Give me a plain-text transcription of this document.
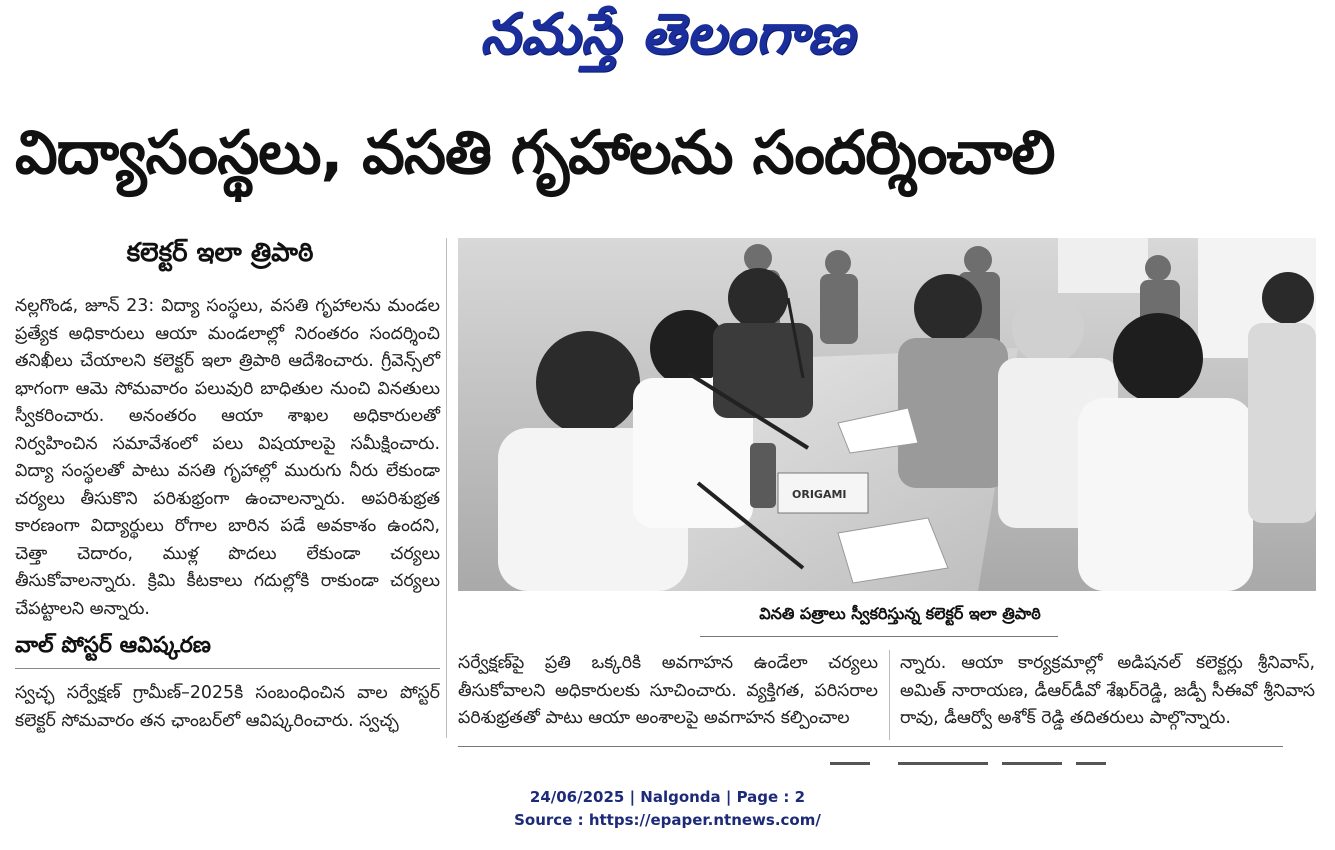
నమస్తే తెలంగాణ
విద్యాసంస్థలు, వసతి గృహాలను సందర్శించాలి
కలెక్టర్ ఇలా త్రిపాఠి

నల్లగొండ, జూన్ 23: విద్యా సంస్థలు, వసతి గృహాలను మండల ప్రత్యేక అధికారులు ఆయా మండలాల్లో నిరంతరం సందర్శించి తనిఖీలు చేయాలని కలెక్టర్ ఇలా త్రిపాఠి ఆదేశించారు. గ్రీవెన్స్‌లో భాగంగా ఆమె సోమవారం పలువురి బాధితుల నుంచి వినతులు స్వీకరించారు. అనంతరం ఆయా శాఖల అధికారులతో నిర్వహించిన సమావేశంలో పలు విషయాలపై సమీక్షించారు. విద్యా సంస్థలతో పాటు వసతి గృహాల్లో మురుగు నీరు లేకుండా చర్యలు తీసుకొని పరిశుభ్రంగా ఉంచాలన్నారు. అపరిశుభ్రత కారణంగా విద్యార్థులు రోగాల బారిన పడే అవకాశం ఉందని, చెత్తా చెదారం, ముళ్ల పొదలు లేకుండా చర్యలు తీసుకోవాలన్నారు. క్రిమి కీటకాలు గదుల్లోకి రాకుండా చర్యలు చేపట్టాలని అన్నారు.

వాల్ పోస్టర్ ఆవిష్కరణ

స్వచ్ఛ సర్వేక్షణ్ గ్రామీణ్–2025కి సంబంధించిన వాల పోస్టర్ కలెక్టర్ సోమవారం తన ఛాంబర్‌లో ఆవిష్కరించారు. స్వచ్ఛ

ORIGAMI
వినతి పత్రాలు స్వీకరిస్తున్న కలెక్టర్ ఇలా త్రిపాఠి

సర్వేక్షణ్‌పై ప్రతి ఒక్కరికి అవగాహన ఉండేలా చర్యలు తీసుకోవాలని అధికారులకు సూచించారు. వ్యక్తిగత, పరిసరాల పరిశుభ్రతతో పాటు ఆయా అంశాలపై అవగాహన కల్పించాల

న్నారు. ఆయా కార్యక్రమాల్లో అడిషనల్ కలెక్టర్లు శ్రీనివాస్, అమిత్ నారాయణ, డీఆర్‌డీవో శేఖర్‌రెడ్డి, జడ్పీ సీఈవో శ్రీనివాస రావు, డీఆర్వో అశోక్ రెడ్డి తదితరులు పాల్గొన్నారు.

24/06/2025 | Nalgonda | Page : 2
Source : https://epaper.ntnews.com/
